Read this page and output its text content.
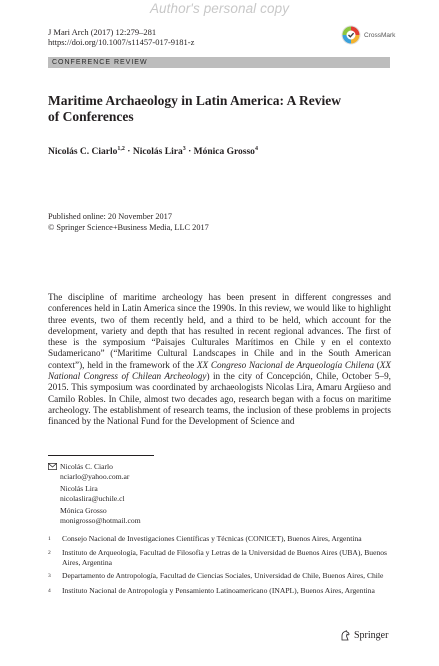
Author's personal copy
J Mari Arch (2017) 12:279–281
https://doi.org/10.1007/s11457-017-9181-z
CrossMark
CONFERENCE REVIEW
Maritime Archaeology in Latin America: A Review
of Conferences
Nicolás C. Ciarlo$^{1,2}$ · Nicolás Lira$^3$ · Mónica Grosso$^4$
Published online: 20 November 2017
© Springer Science+Business Media, LLC 2017

The discipline of maritime archeology has been present in different congresses and conferences held in Latin America since the 1990s. In this review, we would like to highlight three events, two of them recently held, and a third to be held, which account for the development, variety and depth that has resulted in recent regional advances. The first of these is the symposium “Paisajes Culturales Marítimos en Chile y en el contexto Sudamericano” (“Maritime Cultural Landscapes in Chile and in the South American context”), held in the framework of the XX Congreso Nacional de Arqueología Chilena (XX National Congress of Chilean Archeology) in the city of Concepción, Chile, October 5–9, 2015. This symposium was coordinated by archaeologists Nicolas Lira, Amaru Argüeso and Camilo Robles. In Chile, almost two decades ago, research began with a focus on maritime archeology. The establishment of research teams, the inclusion of these problems in projects financed by the National Fund for the Development of Science and

Nicolás C. Ciarlo
nciarlo@yahoo.com.ar
Nicolás Lira
nicolaslira@uchile.cl
Mónica Grosso
monigrosso@hotmail.com
1	Consejo Nacional de Investigaciones Científicas y Técnicas (CONICET), Buenos Aires, Argentina
2	Instituto de Arqueología, Facultad de Filosofía y Letras de la Universidad de Buenos Aires (UBA), Buenos Aires, Argentina
3	Departamento de Antropología, Facultad de Ciencias Sociales, Universidad de Chile, Buenos Aires, Chile
4	Instituto Nacional de Antropología y Pensamiento Latinoamericano (INAPL), Buenos Aires, Argentina
Springer
